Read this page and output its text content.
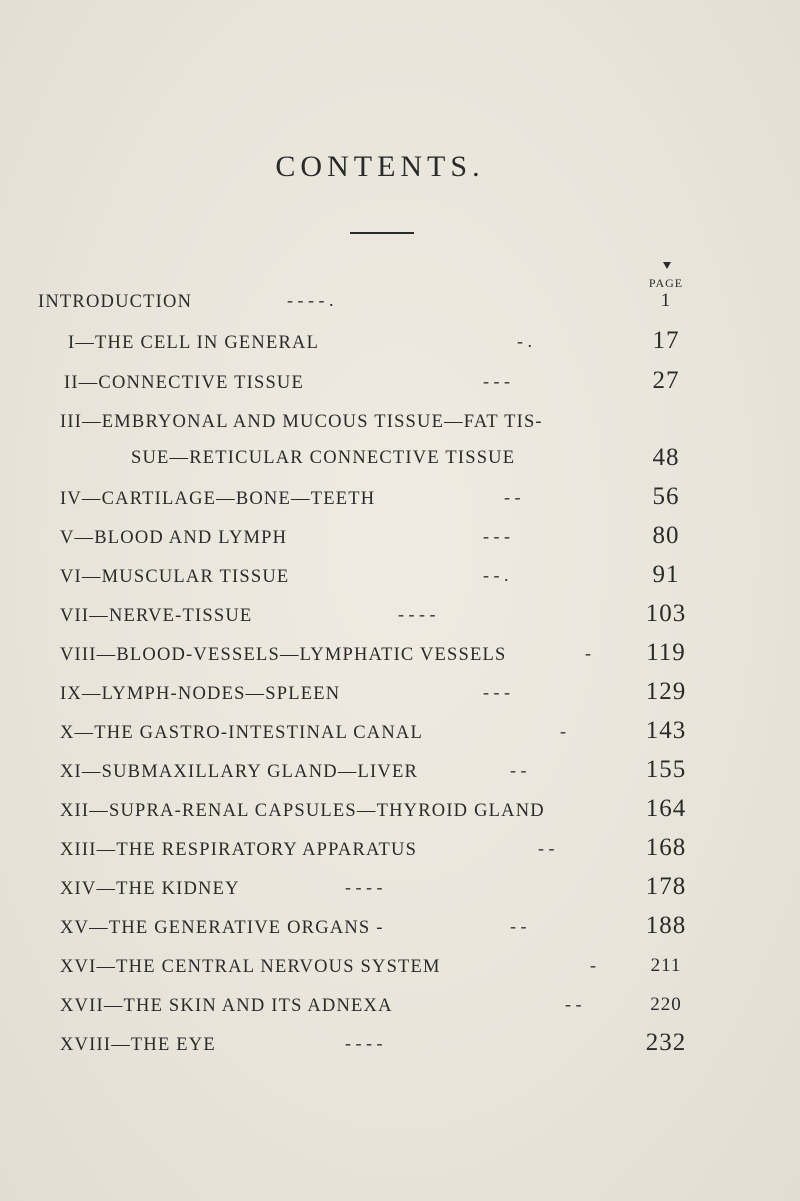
CONTENTS.
PAGE
INTRODUCTION	- - - - .	1
I—THE CELL IN GENERAL	- .	17
II—CONNECTIVE TISSUE	- - -	27
III—EMBRYONAL AND MUCOUS TISSUE—FAT TIS-
SUE—RETICULAR CONNECTIVE TISSUE	48
IV—CARTILAGE—BONE—TEETH	- -	56
V—BLOOD AND LYMPH	- - -	80
VI—MUSCULAR TISSUE	- - .	91
VII—NERVE-TISSUE	- - - -	103
VIII—BLOOD-VESSELS—LYMPHATIC VESSELS	-	119
IX—LYMPH-NODES—SPLEEN	- - -	129
X—THE GASTRO-INTESTINAL CANAL	-	143
XI—SUBMAXILLARY GLAND—LIVER	- -	155
XII—SUPRA-RENAL CAPSULES—THYROID GLAND	164
XIII—THE RESPIRATORY APPARATUS	- -	168
XIV—THE KIDNEY	- - - -	178
XV—THE GENERATIVE ORGANS -	- -	188
XVI—THE CENTRAL NERVOUS SYSTEM	-	211
XVII—THE SKIN AND ITS ADNEXA	- -	220
XVIII—THE EYE	- - - -	232
